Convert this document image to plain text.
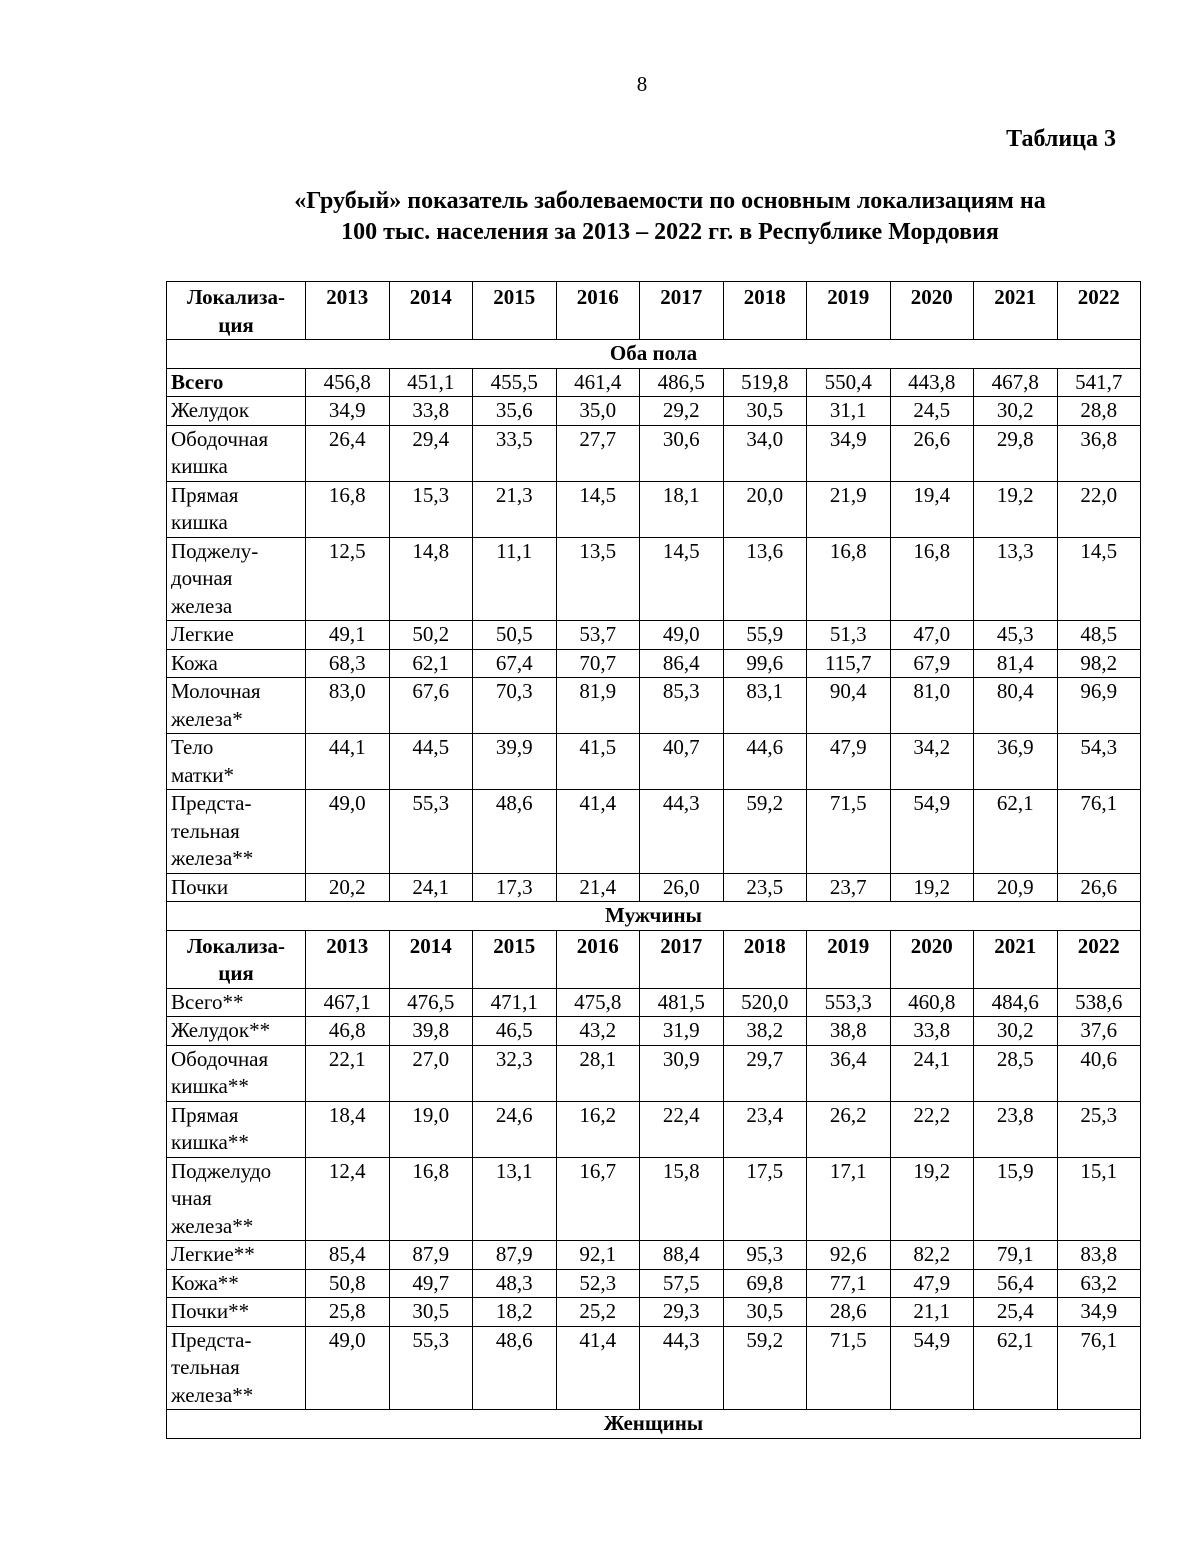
8
Таблица 3
«Грубый» показатель заболеваемости по основным локализациям на
100 тыс. населения за 2013 – 2022 гг. в Республике Мордовия
Локализа-
ция	2013	2014	2015	2016	2017	2018	2019	2020	2021	2022
Оба пола										
Всего	456,8	451,1	455,5	461,4	486,5	519,8	550,4	443,8	467,8	541,7
Желудок	34,9	33,8	35,6	35,0	29,2	30,5	31,1	24,5	30,2	28,8
Ободочная
кишка	26,4	29,4	33,5	27,7	30,6	34,0	34,9	26,6	29,8	36,8
Прямая
кишка	16,8	15,3	21,3	14,5	18,1	20,0	21,9	19,4	19,2	22,0
Поджелу-
дочная
железа	12,5	14,8	11,1	13,5	14,5	13,6	16,8	16,8	13,3	14,5
Легкие	49,1	50,2	50,5	53,7	49,0	55,9	51,3	47,0	45,3	48,5
Кожа	68,3	62,1	67,4	70,7	86,4	99,6	115,7	67,9	81,4	98,2
Молочная
железа*	83,0	67,6	70,3	81,9	85,3	83,1	90,4	81,0	80,4	96,9
Тело
матки*	44,1	44,5	39,9	41,5	40,7	44,6	47,9	34,2	36,9	54,3
Предста-
тельная
железа**	49,0	55,3	48,6	41,4	44,3	59,2	71,5	54,9	62,1	76,1
Почки	20,2	24,1	17,3	21,4	26,0	23,5	23,7	19,2	20,9	26,6
Мужчины										
Локализа-
ция	2013	2014	2015	2016	2017	2018	2019	2020	2021	2022
Всего**	467,1	476,5	471,1	475,8	481,5	520,0	553,3	460,8	484,6	538,6
Желудок**	46,8	39,8	46,5	43,2	31,9	38,2	38,8	33,8	30,2	37,6
Ободочная
кишка**	22,1	27,0	32,3	28,1	30,9	29,7	36,4	24,1	28,5	40,6
Прямая
кишка**	18,4	19,0	24,6	16,2	22,4	23,4	26,2	22,2	23,8	25,3
Поджелудо
чная
железа**	12,4	16,8	13,1	16,7	15,8	17,5	17,1	19,2	15,9	15,1
Легкие**	85,4	87,9	87,9	92,1	88,4	95,3	92,6	82,2	79,1	83,8
Кожа**	50,8	49,7	48,3	52,3	57,5	69,8	77,1	47,9	56,4	63,2
Почки**	25,8	30,5	18,2	25,2	29,3	30,5	28,6	21,1	25,4	34,9
Предста-
тельная
железа**	49,0	55,3	48,6	41,4	44,3	59,2	71,5	54,9	62,1	76,1
Женщины										
